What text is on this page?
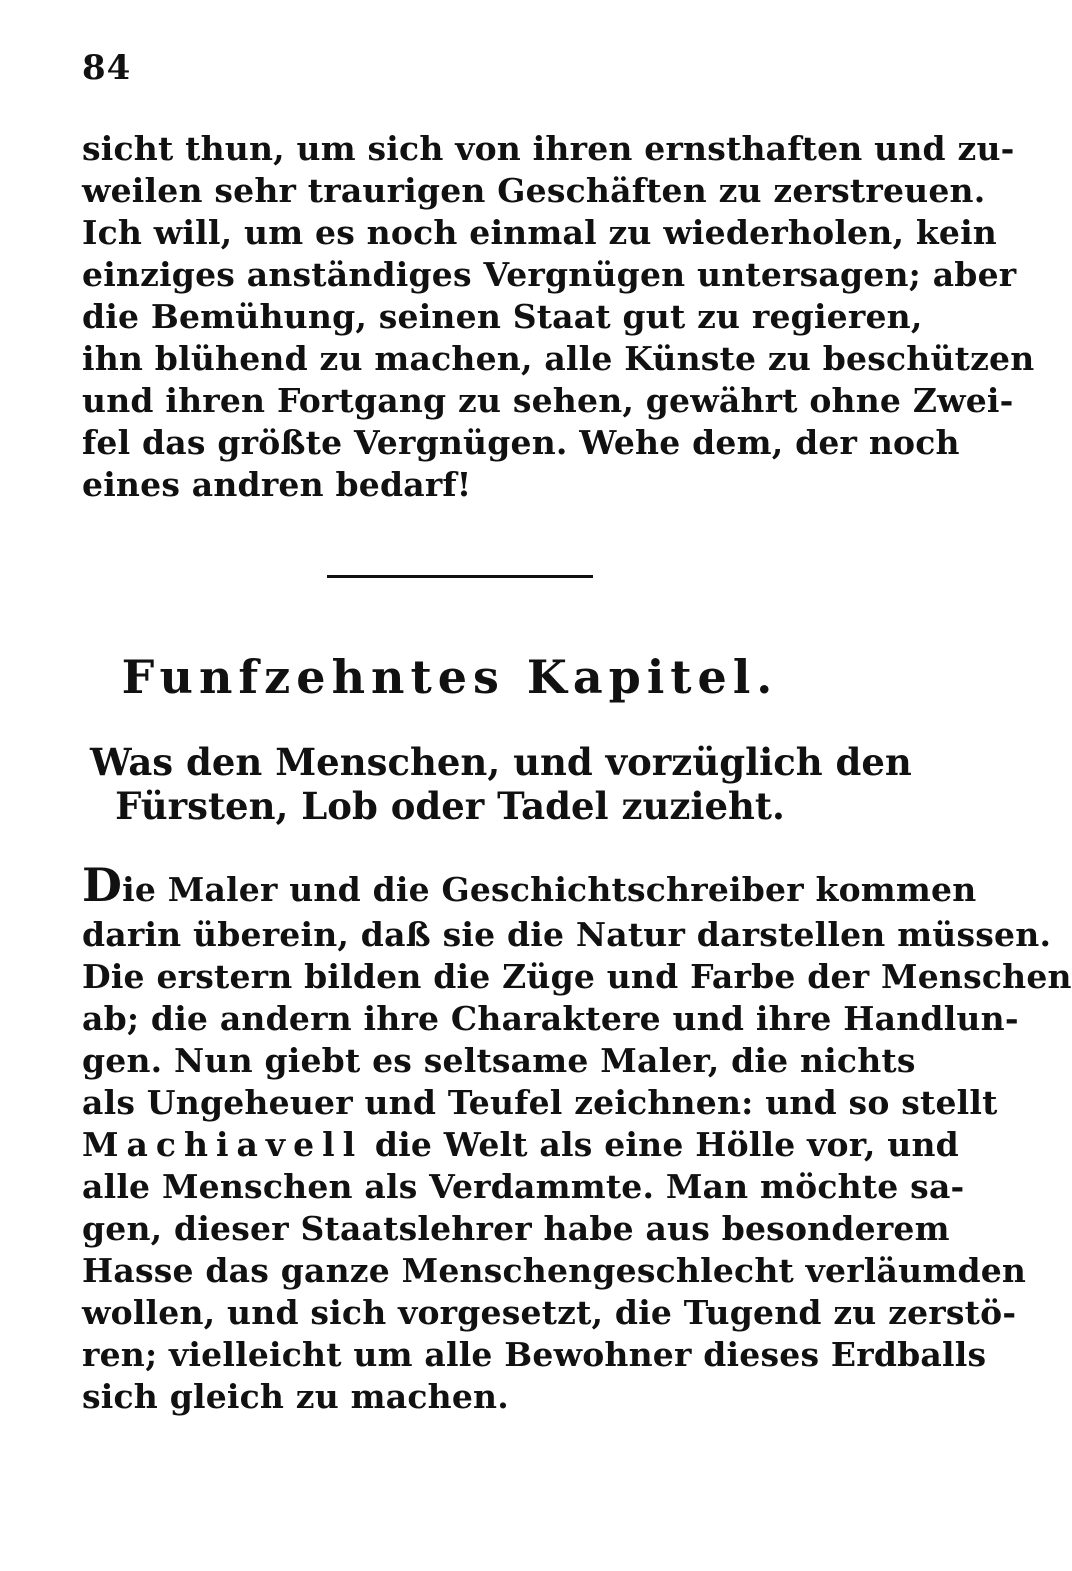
84
sicht thun, um sich von ihren ernsthaften und zu-
weilen sehr traurigen Geschäften zu zerstreuen.
Ich will, um es noch einmal zu wiederholen, kein
einziges anständiges Vergnügen untersagen; aber
die Bemühung, seinen Staat gut zu regieren,
ihn blühend zu machen, alle Künste zu beschützen
und ihren Fortgang zu sehen, gewährt ohne Zwei-
fel das größte Vergnügen. Wehe dem, der noch
eines andren bedarf!
Funfzehntes Kapitel.
Was den Menschen, und vorzüglich den
Fürsten, Lob oder Tadel zuzieht.
Die Maler und die Geschichtschreiber kommen
darin überein, daß sie die Natur darstellen müssen.
Die erstern bilden die Züge und Farbe der Menschen
ab; die andern ihre Charaktere und ihre Handlun-
gen. Nun giebt es seltsame Maler, die nichts
als Ungeheuer und Teufel zeichnen: und so stellt
Machiavell die Welt als eine Hölle vor, und
alle Menschen als Verdammte. Man möchte sa-
gen, dieser Staatslehrer habe aus besonderem
Hasse das ganze Menschengeschlecht verläumden
wollen, und sich vorgesetzt, die Tugend zu zerstö-
ren; vielleicht um alle Bewohner dieses Erdballs
sich gleich zu machen.
